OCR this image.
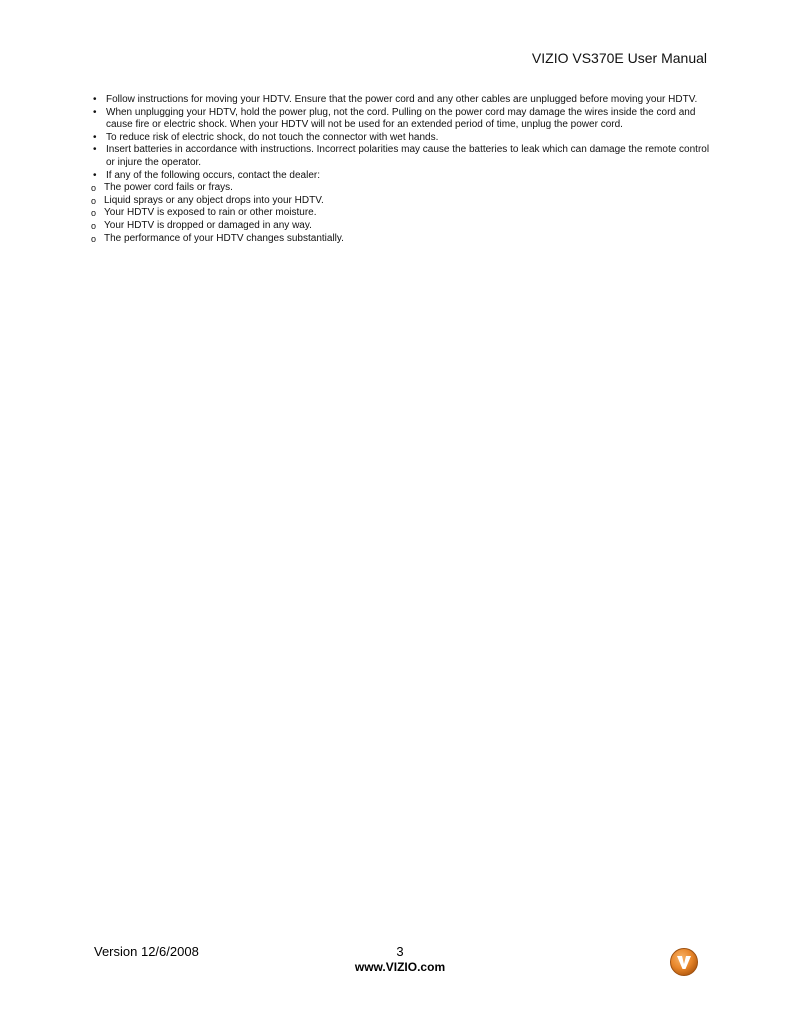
VIZIO VS370E User Manual
• Follow instructions for moving your HDTV. Ensure that the power cord and any other cables are unplugged before moving your HDTV.
• When unplugging your HDTV, hold the power plug, not the cord. Pulling on the power cord may damage the wires inside the cord and cause fire or electric shock. When your HDTV will not be used for an extended period of time, unplug the power cord.
• To reduce risk of electric shock, do not touch the connector with wet hands.
• Insert batteries in accordance with instructions. Incorrect polarities may cause the batteries to leak which can damage the remote control or injure the operator.
• If any of the following occurs, contact the dealer:
o The power cord fails or frays.
o Liquid sprays or any object drops into your HDTV.
o Your HDTV is exposed to rain or other moisture.
o Your HDTV is dropped or damaged in any way.
o The performance of your HDTV changes substantially.
Version 12/6/2008	3
www.VIZIO.com
